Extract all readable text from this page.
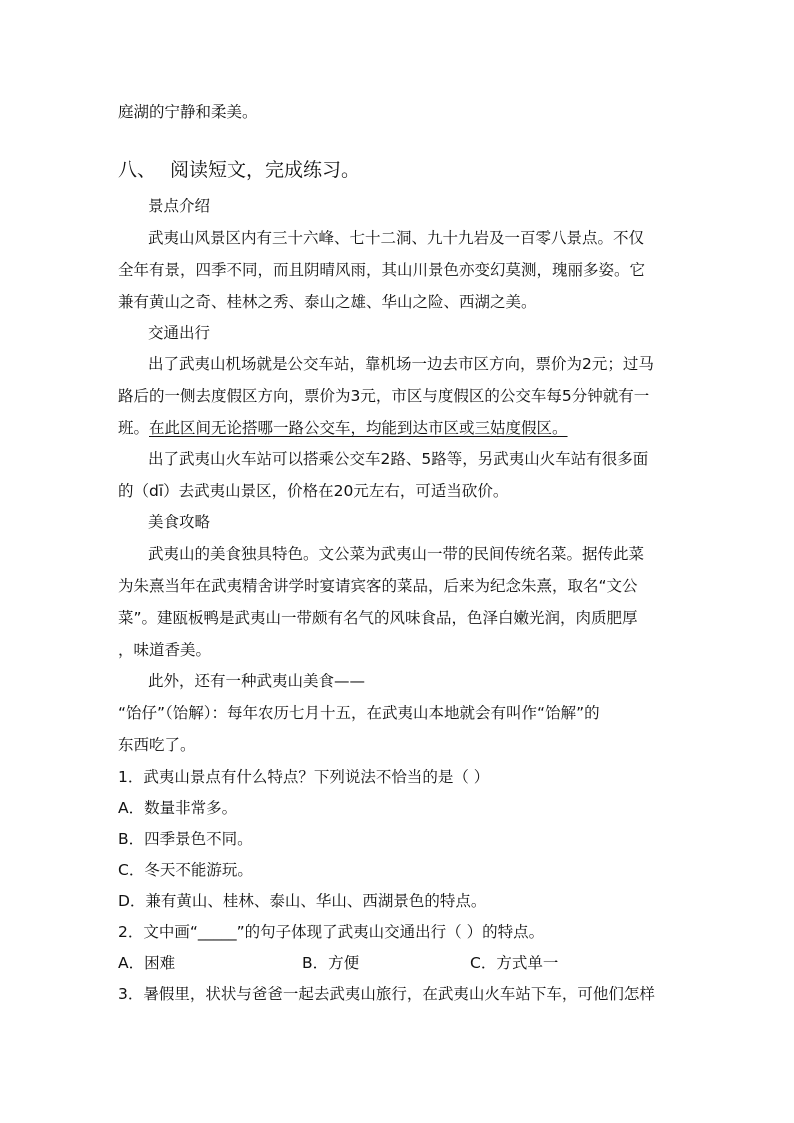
庭湖的宁静和柔美。
八、 阅读短文，完成练习。
景点介绍
武夷山风景区内有三十六峰、七十二洞、九十九岩及一百零八景点。不仅
全年有景，四季不同，而且阴晴风雨，其山川景色亦变幻莫测，瑰丽多姿。它
兼有黄山之奇、桂林之秀、泰山之雄、华山之险、西湖之美。
交通出行
出了武夷山机场就是公交车站，靠机场一边去市区方向，票价为2元；过马
路后的一侧去度假区方向，票价为3元，市区与度假区的公交车每5分钟就有一
班。在此区间无论搭哪一路公交车，均能到达市区或三姑度假区。
出了武夷山火车站可以搭乘公交车2路、5路等，另武夷山火车站有很多面
的（dī）去武夷山景区，价格在20元左右，可适当砍价。
美食攻略
武夷山的美食独具特色。文公菜为武夷山一带的民间传统名菜。据传此菜
为朱熹当年在武夷精舍讲学时宴请宾客的菜品，后来为纪念朱熹，取名“文公
菜”。建瓯板鸭是武夷山一带颇有名气的风味食品，色泽白嫩光润，肉质肥厚
，味道香美。
此外，还有一种武夷山美食——
“饴仔”（饴解）：每年农历七月十五，在武夷山本地就会有叫作“饴解”的
东西吃了。
1．武夷山景点有什么特点？下列说法不恰当的是（ ）
A．数量非常多。
B．四季景色不同。
C．冬天不能游玩。
D．兼有黄山、桂林、泰山、华山、西湖景色的特点。
2．文中画“_____”的句子体现了武夷山交通出行（ ）的特点。
A．困难	B．方便	C．方式单一
3．暑假里，状状与爸爸一起去武夷山旅行，在武夷山火车站下车，可他们怎样
